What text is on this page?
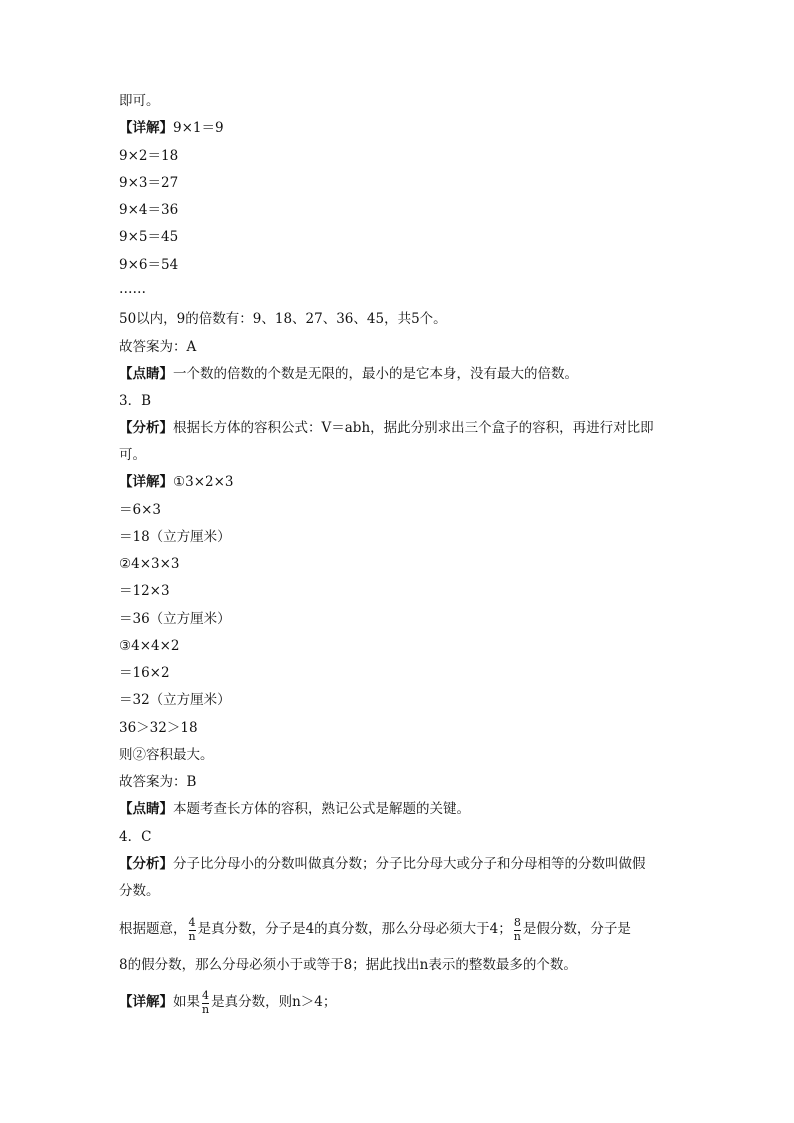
即可。
【详解】9×1＝9
9×2＝18
9×3＝27
9×4＝36
9×5＝45
9×6＝54
……
50以内，9的倍数有：9、18、27、36、45，共5个。
故答案为：A
【点睛】一个数的倍数的个数是无限的，最小的是它本身，没有最大的倍数。
3．B
【分析】根据长方体的容积公式：V＝abh，据此分别求出三个盒子的容积，再进行对比即
可。
【详解】①3×2×3
＝6×3
＝18（立方厘米）
②4×3×3
＝12×3
＝36（立方厘米）
③4×4×2
＝16×2
＝32（立方厘米）
36＞32＞18
则②容积最大。
故答案为：B
【点睛】本题考查长方体的容积，熟记公式是解题的关键。
4．C
【分析】分子比分母小的分数叫做真分数；分子比分母大或分子和分母相等的分数叫做假
分数。
根据题意， $\frac{4}{n}$ 是真分数，分子是4的真分数，那么分母必须大于4； $\frac{8}{n}$ 是假分数，分子是
8的假分数，那么分母必须小于或等于8；据此找出n表示的整数最多的个数。
【详解】如果 $\frac{4}{n}$ 是真分数，则n＞4；
